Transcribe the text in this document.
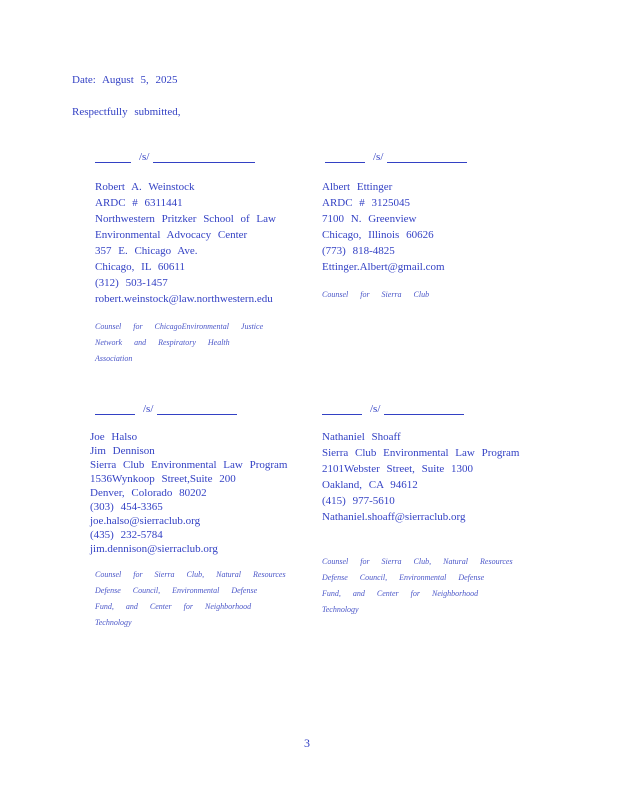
Date: August 5, 2025
Respectfully submitted,
/s/
Robert A. Weinstock
ARDC # 6311441
Northwestern Pritzker School of Law
Environmental Advocacy Center
357 E. Chicago Ave.
Chicago, IL 60611
(312) 503-1457
robert.weinstock@law.northwestern.edu
Counsel for ChicagoEnvironmental Justice
Network and Respiratory Health
Association
/s/
Albert Ettinger
ARDC # 3125045
7100 N. Greenview
Chicago, Illinois 60626
(773) 818-4825
Ettinger.Albert@gmail.com
Counsel for Sierra Club
/s/
Joe Halso
Jim Dennison
Sierra Club Environmental Law Program
1536Wynkoop Street,Suite 200
Denver, Colorado 80202
(303) 454-3365
joe.halso@sierraclub.org
(435) 232-5784
jim.dennison@sierraclub.org
Counsel for Sierra Club, Natural Resources
Defense Council, Environmental Defense
Fund, and Center for Neighborhood
Technology
/s/
Nathaniel Shoaff
Sierra Club Environmental Law Program
2101Webster Street, Suite 1300
Oakland, CA 94612
(415) 977-5610
Nathaniel.shoaff@sierraclub.org
Counsel for Sierra Club, Natural Resources
Defense Council, Environmental Defense
Fund, and Center for Neighborhood
Technology
3
